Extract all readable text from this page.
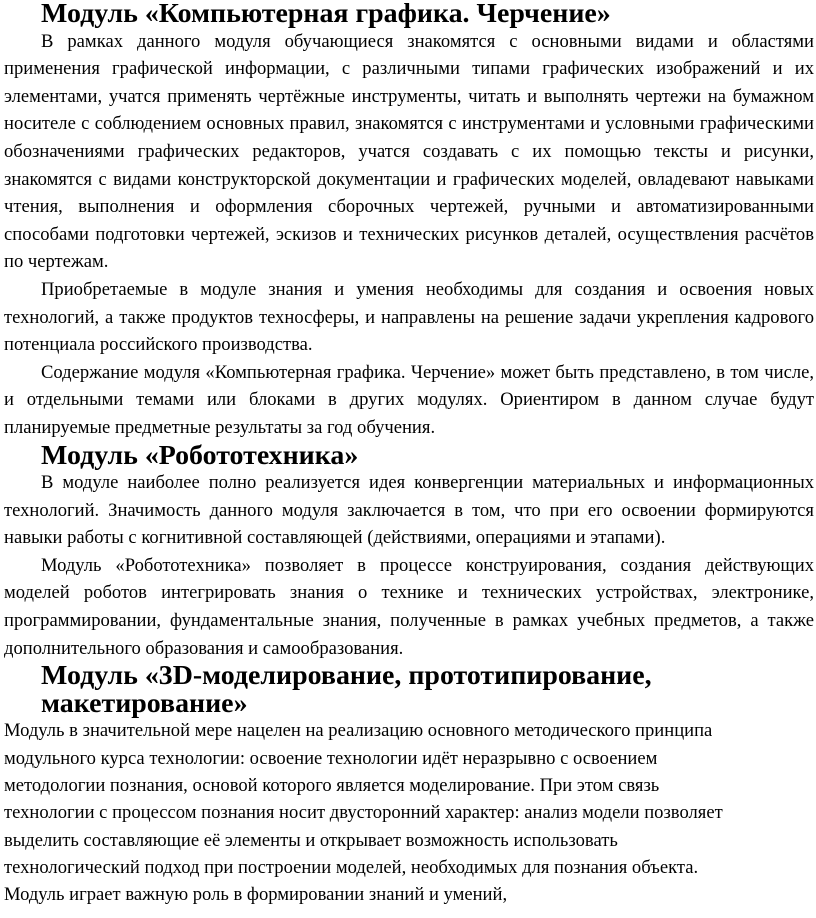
Модуль «Компьютерная графика. Черчение»

В рамках данного модуля обучающиеся знакомятся с основными видами и областями применения графической информации, с различными типами графических изображений и их элементами, учатся применять чертёжные инструменты, читать и выполнять чертежи на бумажном носителе с соблюдением основных правил, знакомятся с инструментами и условными графическими обозначениями графических редакторов, учатся создавать с их помощью тексты и рисунки, знакомятся с видами конструкторской документации и графических моделей, овладевают навыками чтения, выполнения и оформления сборочных чертежей, ручными и автоматизированными способами подготовки чертежей, эскизов и технических рисунков деталей, осуществления расчётов по чертежам.

Приобретаемые в модуле знания и умения необходимы для создания и освоения новых технологий, а также продуктов техносферы, и направлены на решение задачи укрепления кадрового потенциала российского производства.

Содержание модуля «Компьютерная графика. Черчение» может быть представлено, в том числе, и отдельными темами или блоками в других модулях. Ориентиром в данном случае будут планируемые предметные результаты за год обучения.

Модуль «Робототехника»

В модуле наиболее полно реализуется идея конвергенции материальных и информационных технологий. Значимость данного модуля заключается в том, что при его освоении формируются навыки работы с когнитивной составляющей (действиями, операциями и этапами).

Модуль «Робототехника» позволяет в процессе конструирования, создания действующих моделей роботов интегрировать знания о технике и технических устройствах, электронике, программировании, фундаментальные знания, полученные в рамках учебных предметов, а также дополнительного образования и самообразования.

Модуль «3D-моделирование, прототипирование, макетирование»
Модуль в значительной мере нацелен на реализацию основного методического принципа
модульного курса технологии: освоение технологии идёт неразрывно с освоением
методологии познания, основой которого является моделирование. При этом связь
технологии с процессом познания носит двусторонний характер: анализ модели позволяет
выделить составляющие её элементы и открывает возможность использовать
технологический подход при построении моделей, необходимых для познания объекта.
Модуль играет важную роль в формировании знаний и умений,
